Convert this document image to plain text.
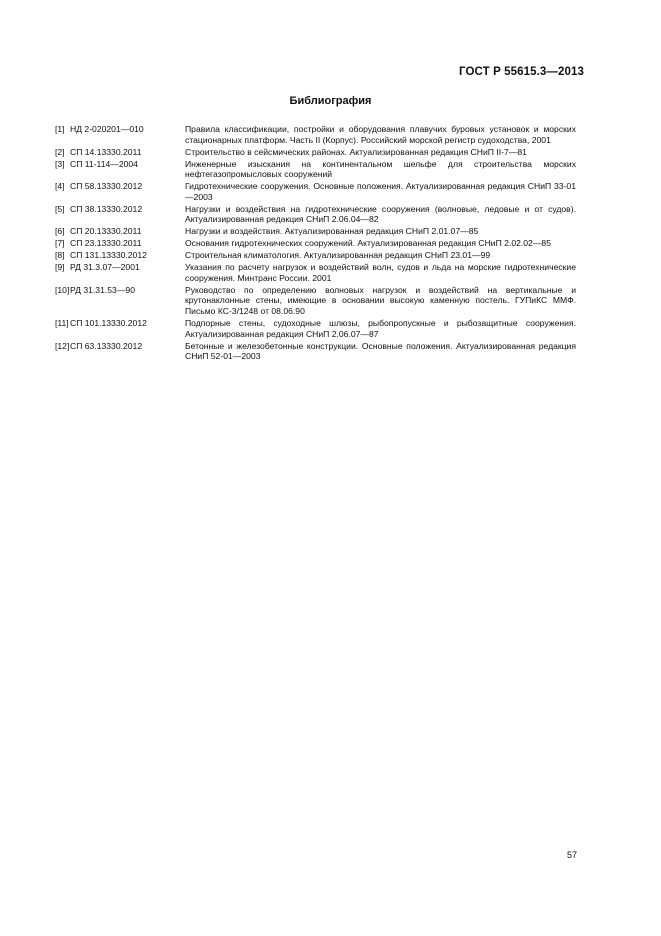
ГОСТ Р 55615.3—2013
Библиография
[1] НД 2-020201—010	Правила классификации, постройки и оборудования плавучих буровых установок и морских стационарных платформ. Часть II (Корпус). Российский морской регистр судоходства, 2001
[2] СП 14.13330.2011	Строительство в сейсмических районах. Актуализированная редакция СНиП II-7—81
[3] СП 11-114—2004	Инженерные изыскания на континентальном шельфе для строительства морских нефтегазопромысловых сооружений
[4] СП 58.13330.2012	Гидротехнические сооружения. Основные положения. Актуализированная редакция СНиП 33-01—2003
[5] СП 38.13330.2012	Нагрузки и воздействия на гидротехнические сооружения (волновые, ледовые и от судов). Актуализированная редакция СНиП 2.06.04—82
[6] СП 20.13330.2011	Нагрузки и воздействия. Актуализированная редакция СНиП 2.01.07—85
[7] СП 23.13330.2011	Основания гидротехнических сооружений. Актуализированная редакция СНиП 2.02.02—85
[8] СП 131.13330.2012	Строительная климатология. Актуализированная редакция СНиП 23.01—99
[9] РД 31.3.07—2001	Указания по расчету нагрузок и воздействий волн, судов и льда на морские гидротехнические сооружения. Минтранс России. 2001
[10] РД 31.31.53—90	Руководство по определению волновых нагрузок и воздействий на вертикальные и крутонаклонные стены, имеющие в основании высокую каменную постель. ГУПиКС ММФ. Письмо КС-3/1248 от 08.06.90
[11] СП 101.13330.2012	Подпорные стены, судоходные шлюзы, рыбопропускные и рыбозащитные сооружения. Актуализированная редакция СНиП 2.06.07—87
[12] СП 63.13330.2012	Бетонные и железобетонные конструкции. Основные положения. Актуализированная редакция СНиП 52-01—2003
57
